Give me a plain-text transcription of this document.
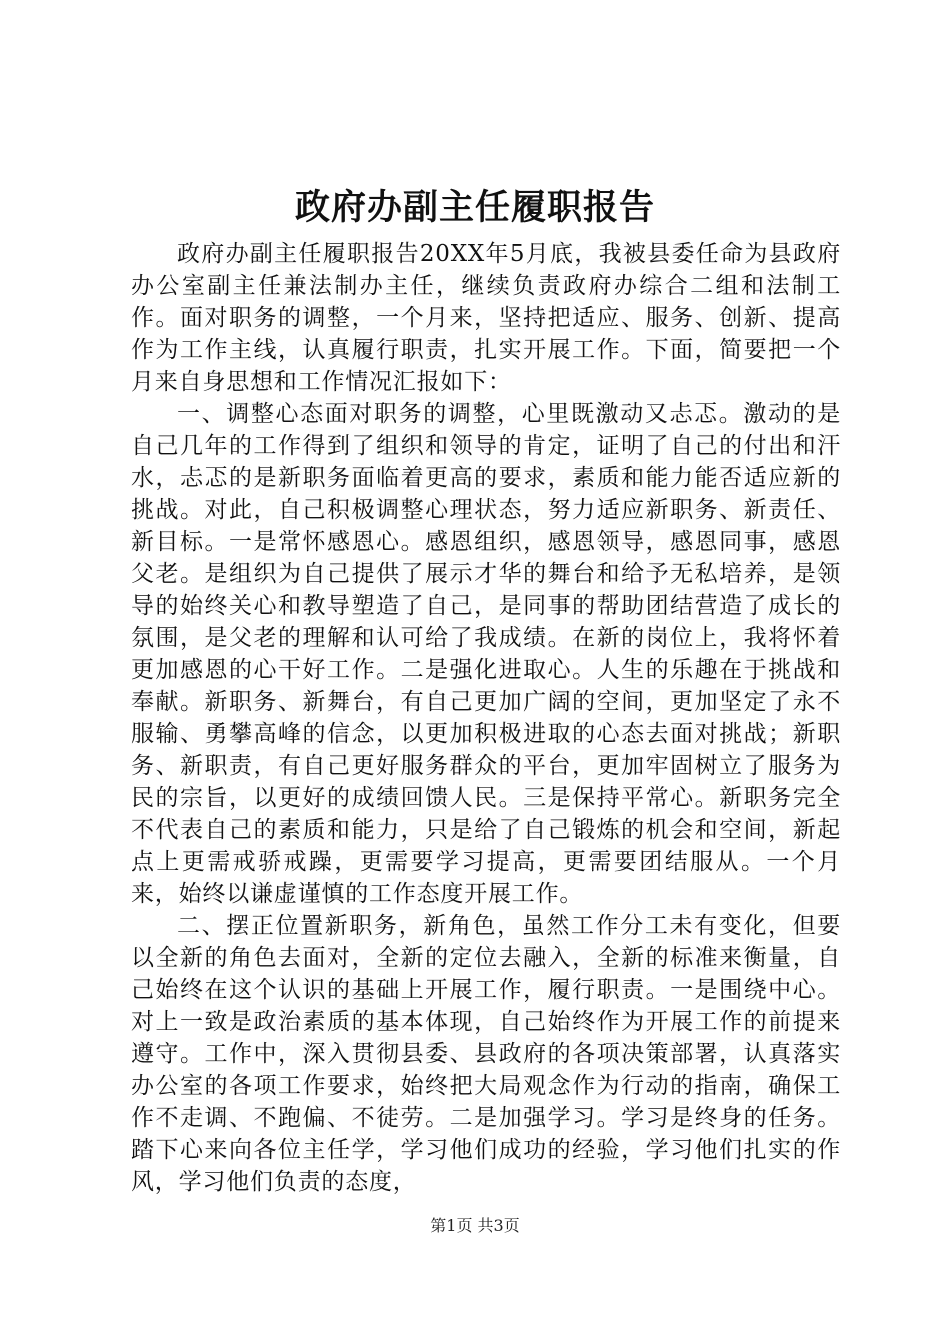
政府办副主任履职报告

政府办副主任履职报告20XX年5月底，我被县委任命为县政府办公室副主任兼法制办主任，继续负责政府办综合二组和法制工作。面对职务的调整，一个月来，坚持把适应、服务、创新、提高作为工作主线，认真履行职责，扎实开展工作。下面，简要把一个月来自身思想和工作情况汇报如下：

一、调整心态面对职务的调整，心里既激动又忐忑。激动的是自己几年的工作得到了组织和领导的肯定，证明了自己的付出和汗水，忐忑的是新职务面临着更高的要求，素质和能力能否适应新的挑战。对此，自己积极调整心理状态，努力适应新职务、新责任、新目标。一是常怀感恩心。感恩组织，感恩领导，感恩同事，感恩父老。是组织为自己提供了展示才华的舞台和给予无私培养，是领导的始终关心和教导塑造了自己，是同事的帮助团结营造了成长的氛围，是父老的理解和认可给了我成绩。在新的岗位上，我将怀着更加感恩的心干好工作。二是强化进取心。人生的乐趣在于挑战和奉献。新职务、新舞台，有自己更加广阔的空间，更加坚定了永不服输、勇攀高峰的信念，以更加积极进取的心态去面对挑战；新职务、新职责，有自己更好服务群众的平台，更加牢固树立了服务为民的宗旨，以更好的成绩回馈人民。三是保持平常心。新职务完全不代表自己的素质和能力，只是给了自己锻炼的机会和空间，新起点上更需戒骄戒躁，更需要学习提高，更需要团结服从。一个月来，始终以谦虚谨慎的工作态度开展工作。

二、摆正位置新职务，新角色，虽然工作分工未有变化，但要以全新的角色去面对，全新的定位去融入，全新的标准来衡量，自己始终在这个认识的基础上开展工作，履行职责。一是围绕中心。对上一致是政治素质的基本体现，自己始终作为开展工作的前提来遵守。工作中，深入贯彻县委、县政府的各项决策部署，认真落实办公室的各项工作要求，始终把大局观念作为行动的指南，确保工作不走调、不跑偏、不徒劳。二是加强学习。学习是终身的任务。踏下心来向各位主任学，学习他们成功的经验，学习他们扎实的作风，学习他们负责的态度，

第1页 共3页
